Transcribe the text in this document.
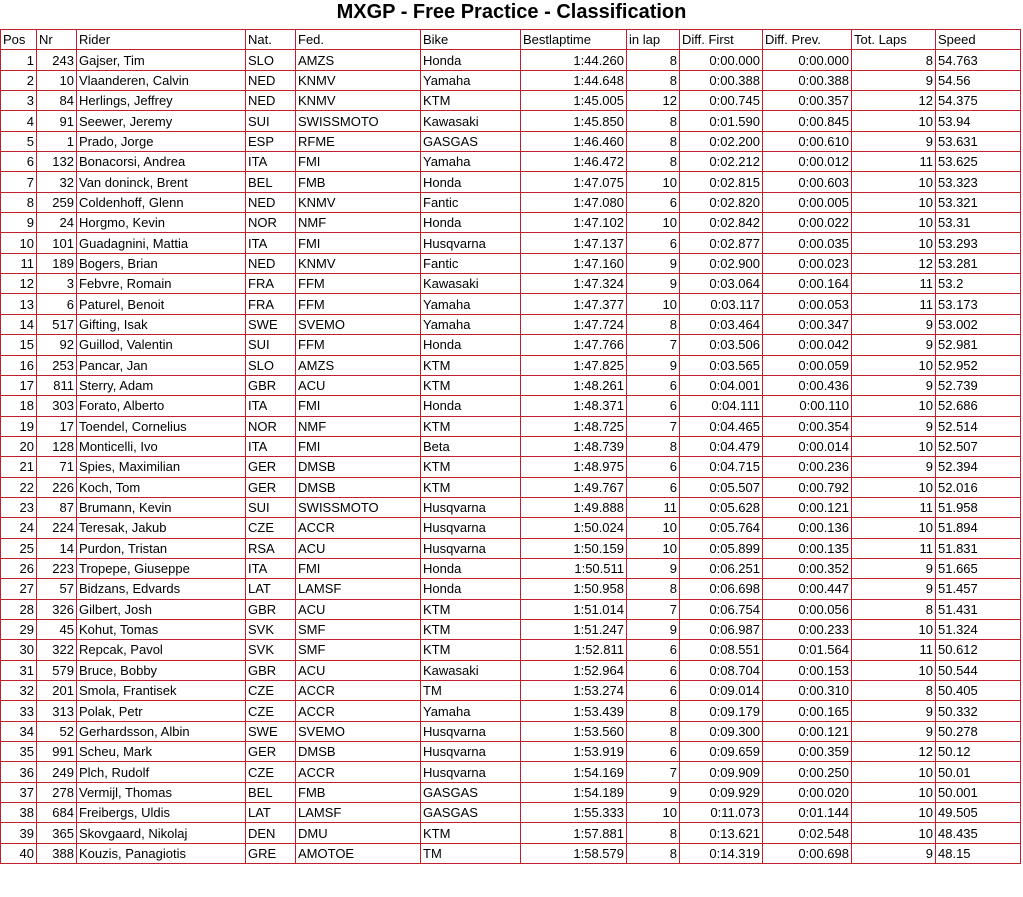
MXGP - Free Practice - Classification
Pos	Nr	Rider	Nat.	Fed.	Bike	Bestlaptime	in lap	Diff. First	Diff. Prev.	Tot. Laps	Speed
1	243	Gajser, Tim	SLO	AMZS	Honda	1:44.260	8	0:00.000	0:00.000	8	54.763
2	10	Vlaanderen, Calvin	NED	KNMV	Yamaha	1:44.648	8	0:00.388	0:00.388	9	54.56
3	84	Herlings, Jeffrey	NED	KNMV	KTM	1:45.005	12	0:00.745	0:00.357	12	54.375
4	91	Seewer, Jeremy	SUI	SWISSMOTO	Kawasaki	1:45.850	8	0:01.590	0:00.845	10	53.94
5	1	Prado, Jorge	ESP	RFME	GASGAS	1:46.460	8	0:02.200	0:00.610	9	53.631
6	132	Bonacorsi, Andrea	ITA	FMI	Yamaha	1:46.472	8	0:02.212	0:00.012	11	53.625
7	32	Van doninck, Brent	BEL	FMB	Honda	1:47.075	10	0:02.815	0:00.603	10	53.323
8	259	Coldenhoff, Glenn	NED	KNMV	Fantic	1:47.080	6	0:02.820	0:00.005	10	53.321
9	24	Horgmo, Kevin	NOR	NMF	Honda	1:47.102	10	0:02.842	0:00.022	10	53.31
10	101	Guadagnini, Mattia	ITA	FMI	Husqvarna	1:47.137	6	0:02.877	0:00.035	10	53.293
11	189	Bogers, Brian	NED	KNMV	Fantic	1:47.160	9	0:02.900	0:00.023	12	53.281
12	3	Febvre, Romain	FRA	FFM	Kawasaki	1:47.324	9	0:03.064	0:00.164	11	53.2
13	6	Paturel, Benoit	FRA	FFM	Yamaha	1:47.377	10	0:03.117	0:00.053	11	53.173
14	517	Gifting, Isak	SWE	SVEMO	Yamaha	1:47.724	8	0:03.464	0:00.347	9	53.002
15	92	Guillod, Valentin	SUI	FFM	Honda	1:47.766	7	0:03.506	0:00.042	9	52.981
16	253	Pancar, Jan	SLO	AMZS	KTM	1:47.825	9	0:03.565	0:00.059	10	52.952
17	811	Sterry, Adam	GBR	ACU	KTM	1:48.261	6	0:04.001	0:00.436	9	52.739
18	303	Forato, Alberto	ITA	FMI	Honda	1:48.371	6	0:04.111	0:00.110	10	52.686
19	17	Toendel, Cornelius	NOR	NMF	KTM	1:48.725	7	0:04.465	0:00.354	9	52.514
20	128	Monticelli, Ivo	ITA	FMI	Beta	1:48.739	8	0:04.479	0:00.014	10	52.507
21	71	Spies, Maximilian	GER	DMSB	KTM	1:48.975	6	0:04.715	0:00.236	9	52.394
22	226	Koch, Tom	GER	DMSB	KTM	1:49.767	6	0:05.507	0:00.792	10	52.016
23	87	Brumann, Kevin	SUI	SWISSMOTO	Husqvarna	1:49.888	11	0:05.628	0:00.121	11	51.958
24	224	Teresak, Jakub	CZE	ACCR	Husqvarna	1:50.024	10	0:05.764	0:00.136	10	51.894
25	14	Purdon, Tristan	RSA	ACU	Husqvarna	1:50.159	10	0:05.899	0:00.135	11	51.831
26	223	Tropepe, Giuseppe	ITA	FMI	Honda	1:50.511	9	0:06.251	0:00.352	9	51.665
27	57	Bidzans, Edvards	LAT	LAMSF	Honda	1:50.958	8	0:06.698	0:00.447	9	51.457
28	326	Gilbert, Josh	GBR	ACU	KTM	1:51.014	7	0:06.754	0:00.056	8	51.431
29	45	Kohut, Tomas	SVK	SMF	KTM	1:51.247	9	0:06.987	0:00.233	10	51.324
30	322	Repcak, Pavol	SVK	SMF	KTM	1:52.811	6	0:08.551	0:01.564	11	50.612
31	579	Bruce, Bobby	GBR	ACU	Kawasaki	1:52.964	6	0:08.704	0:00.153	10	50.544
32	201	Smola, Frantisek	CZE	ACCR	TM	1:53.274	6	0:09.014	0:00.310	8	50.405
33	313	Polak, Petr	CZE	ACCR	Yamaha	1:53.439	8	0:09.179	0:00.165	9	50.332
34	52	Gerhardsson, Albin	SWE	SVEMO	Husqvarna	1:53.560	8	0:09.300	0:00.121	9	50.278
35	991	Scheu, Mark	GER	DMSB	Husqvarna	1:53.919	6	0:09.659	0:00.359	12	50.12
36	249	Plch, Rudolf	CZE	ACCR	Husqvarna	1:54.169	7	0:09.909	0:00.250	10	50.01
37	278	Vermijl, Thomas	BEL	FMB	GASGAS	1:54.189	9	0:09.929	0:00.020	10	50.001
38	684	Freibergs, Uldis	LAT	LAMSF	GASGAS	1:55.333	10	0:11.073	0:01.144	10	49.505
39	365	Skovgaard, Nikolaj	DEN	DMU	KTM	1:57.881	8	0:13.621	0:02.548	10	48.435
40	388	Kouzis, Panagiotis	GRE	AMOTOE	TM	1:58.579	8	0:14.319	0:00.698	9	48.15
